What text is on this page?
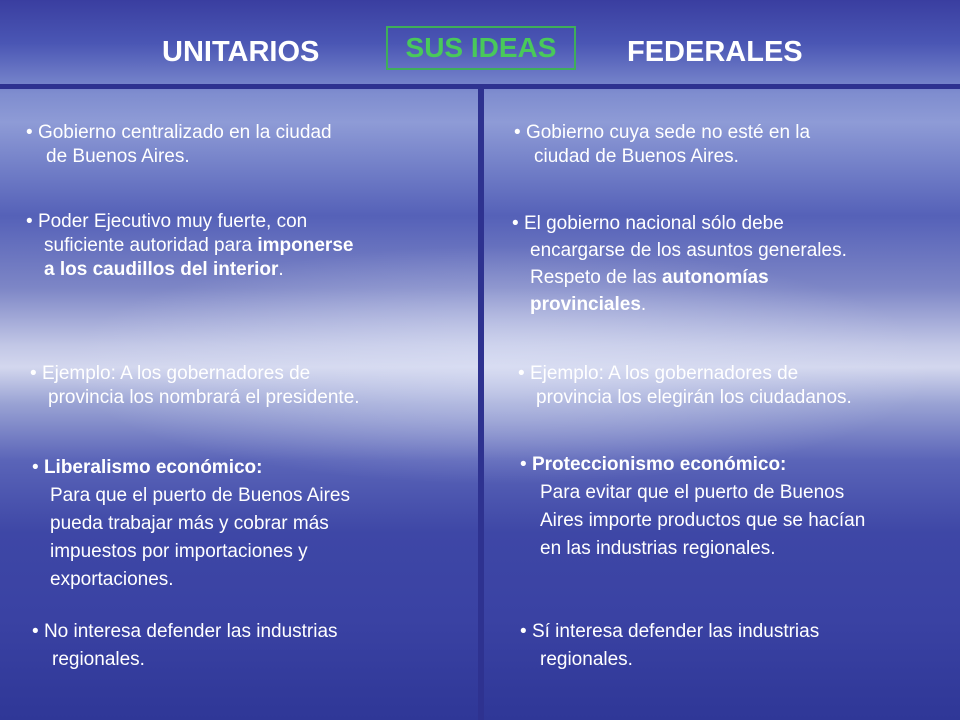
UNITARIOS	SUS IDEAS	FEDERALES
• Gobierno centralizado en la ciudad
de Buenos Aires.
• Poder Ejecutivo muy fuerte, con
suficiente autoridad para imponerse
a los caudillos del interior.
• Ejemplo: A los gobernadores de
provincia los nombrará el presidente.
• Liberalismo económico:
Para que el puerto de Buenos Aires
pueda trabajar más y cobrar más
impuestos por importaciones y
exportaciones.
• No interesa defender las industrias
regionales.
• Gobierno cuya sede no esté en la
ciudad de Buenos Aires.
• El gobierno nacional sólo debe
encargarse de los asuntos generales.
Respeto de las autonomías
provinciales.
• Ejemplo: A los gobernadores de
provincia los elegirán los ciudadanos.
• Proteccionismo económico:
Para evitar que el puerto de Buenos
Aires importe productos que se hacían
en las industrias regionales.
• Sí interesa defender las industrias
regionales.
